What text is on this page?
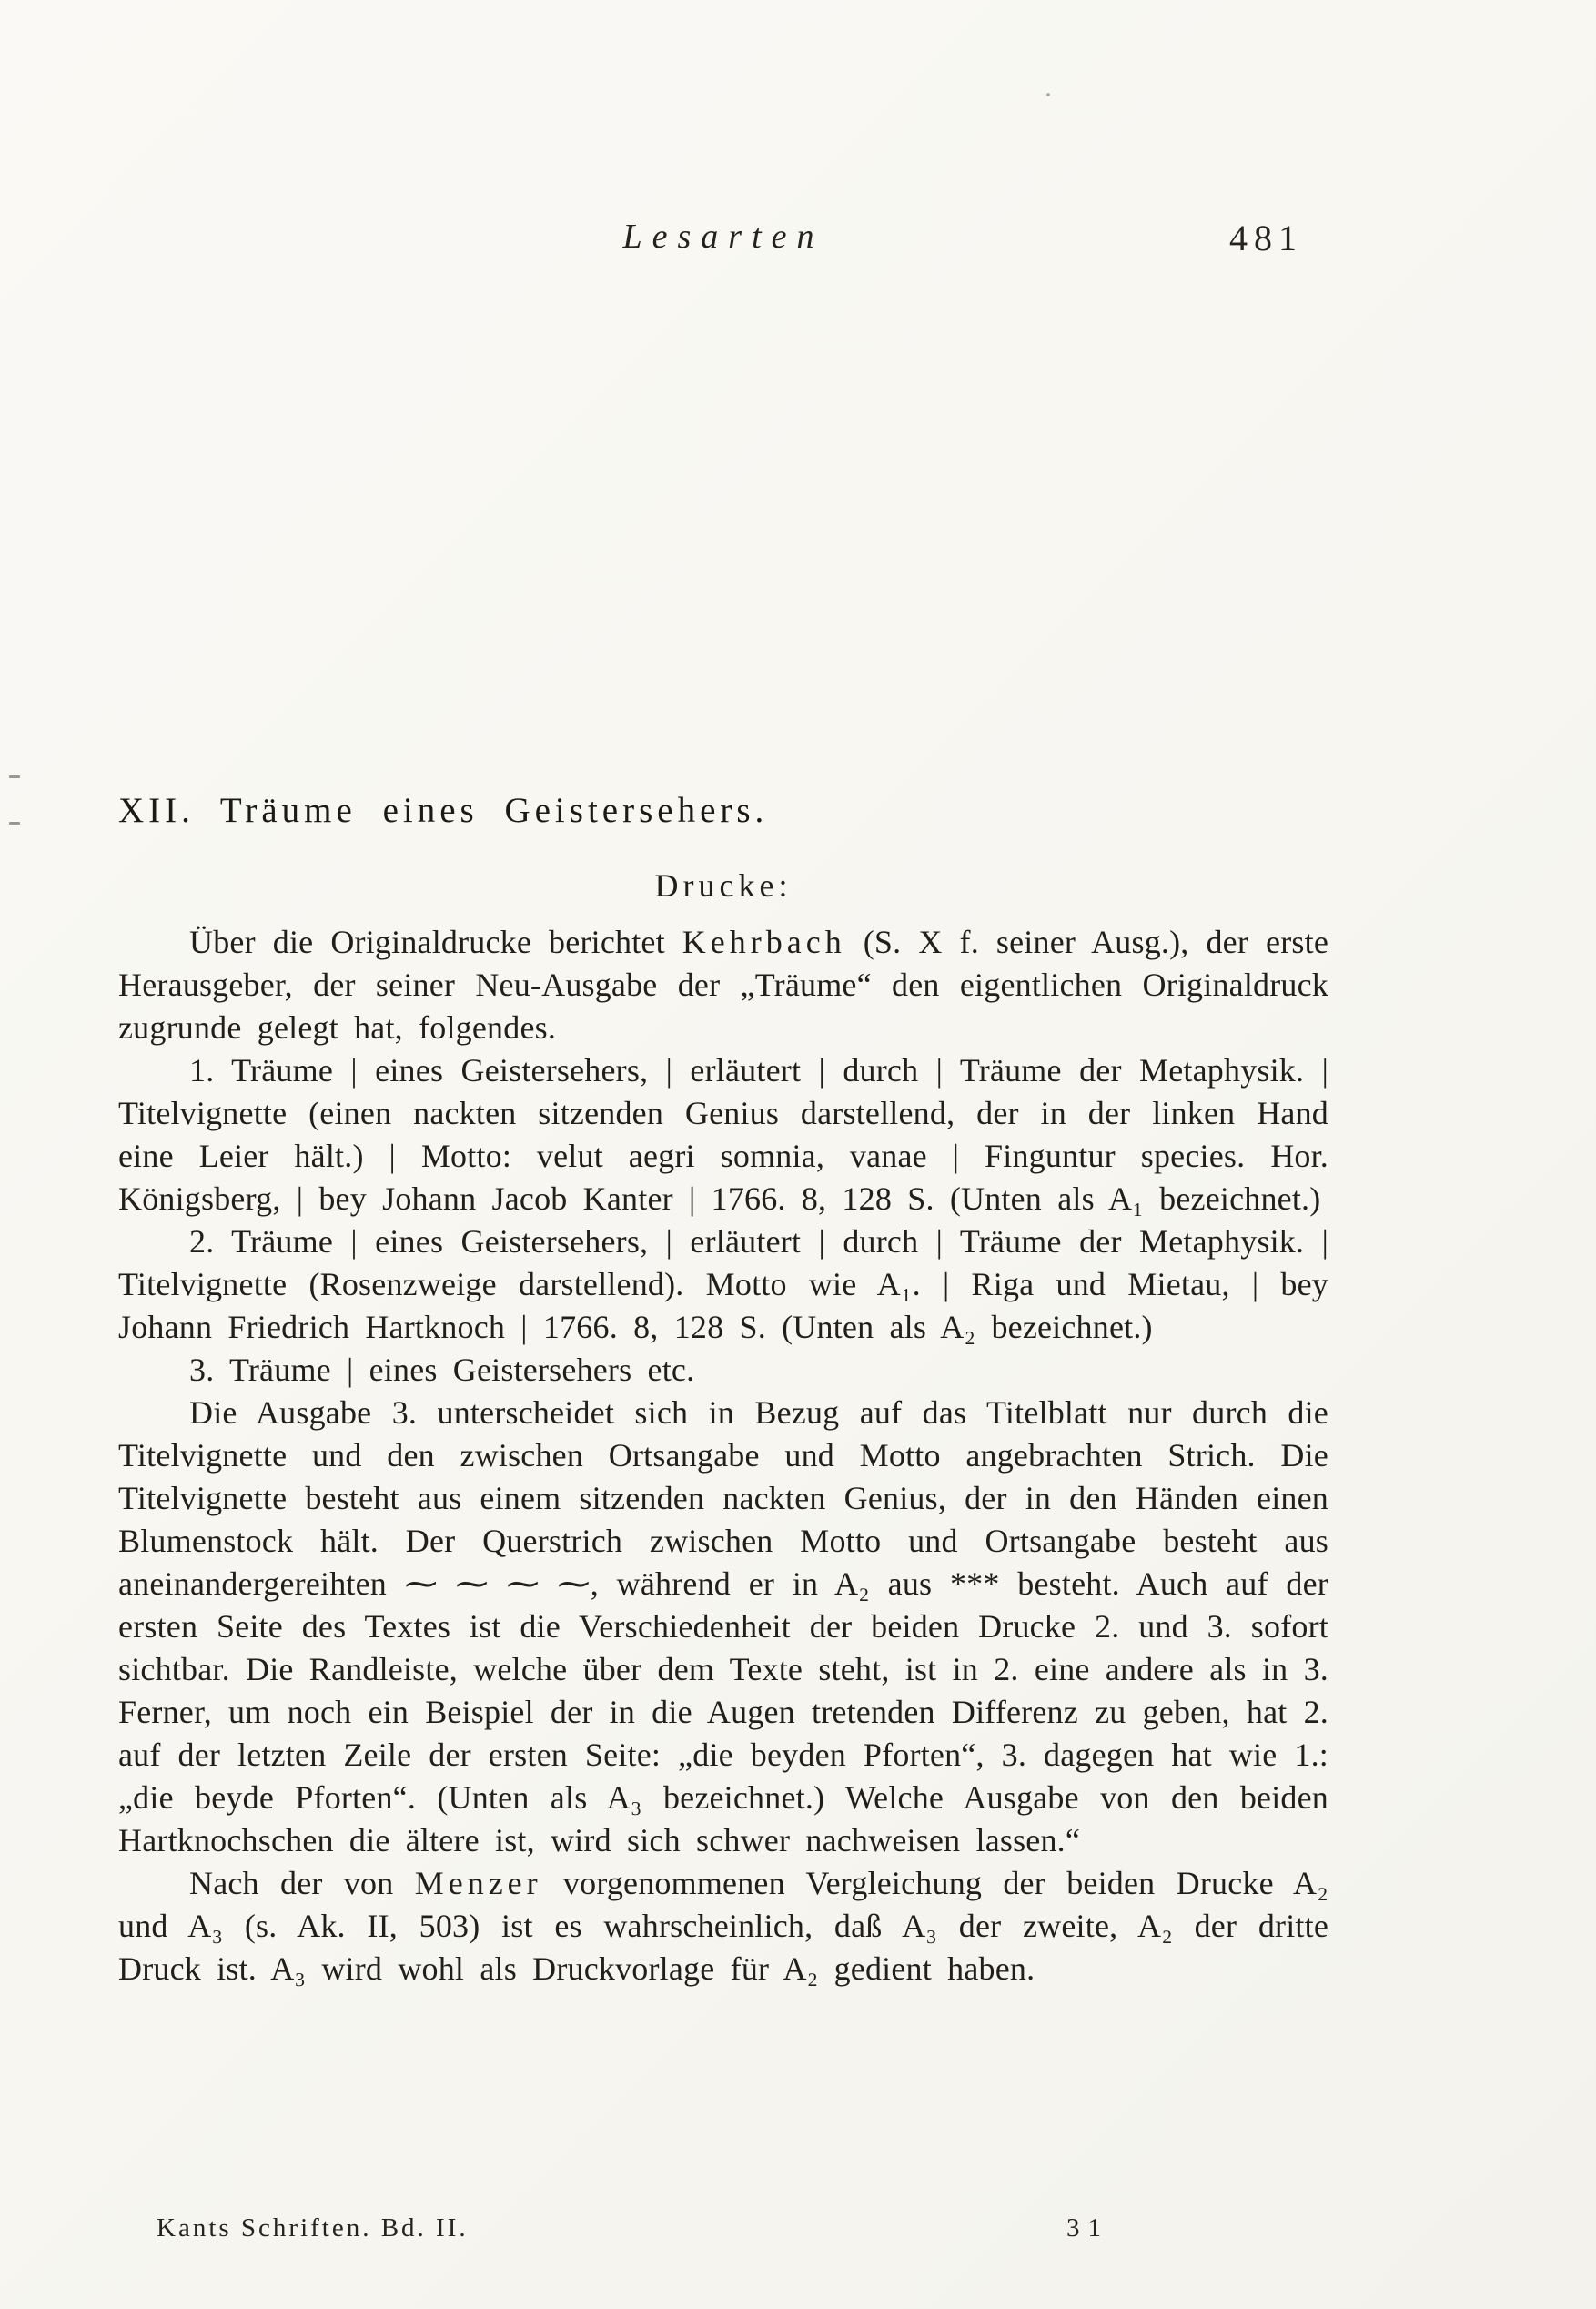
Lesarten	481
XII. Träume eines Geistersehers.
Drucke:

Über die Originaldrucke berichtet Kehrbach (S. X f. seiner Ausg.), der erste Herausgeber, der seiner Neu-Ausgabe der „Träume“ den eigentlichen Originaldruck zugrunde gelegt hat, folgendes.

1. Träume | eines Geistersehers, | erläutert | durch | Träume der Metaphysik. | Titelvignette (einen nackten sitzenden Genius darstellend, der in der linken Hand eine Leier hält.) | Motto: velut aegri somnia, vanae | Finguntur species. Hor. Königsberg, | bey Johann Jacob Kanter | 1766. 8, 128 S. (Unten als A₁ bezeichnet.)

2. Träume | eines Geistersehers, | erläutert | durch | Träume der Metaphysik. | Titelvignette (Rosenzweige darstellend). Motto wie A₁. | Riga und Mietau, | bey Johann Friedrich Hartknoch | 1766. 8, 128 S. (Unten als A₂ bezeichnet.)

3. Träume | eines Geistersehers etc.

Die Ausgabe 3. unterscheidet sich in Bezug auf das Titelblatt nur durch die Titelvignette und den zwischen Ortsangabe und Motto angebrachten Strich. Die Titelvignette besteht aus einem sitzenden nackten Genius, der in den Händen einen Blumenstock hält. Der Querstrich zwischen Motto und Ortsangabe besteht aus aneinandergereihten ⁓ ⁓ ⁓ ⁓, während er in A₂ aus *** besteht. Auch auf der ersten Seite des Textes ist die Verschiedenheit der beiden Drucke 2. und 3. sofort sichtbar. Die Randleiste, welche über dem Texte steht, ist in 2. eine andere als in 3. Ferner, um noch ein Beispiel der in die Augen tretenden Differenz zu geben, hat 2. auf der letzten Zeile der ersten Seite: „die beyden Pforten“, 3. dagegen hat wie 1.: „die beyde Pforten“. (Unten als A₃ bezeichnet.) Welche Ausgabe von den beiden Hartknochschen die ältere ist, wird sich schwer nachweisen lassen.“

Nach der von Menzer vorgenommenen Vergleichung der beiden Drucke A₂ und A₃ (s. Ak. II, 503) ist es wahrscheinlich, daß A₃ der zweite, A₂ der dritte Druck ist. A₃ wird wohl als Druckvorlage für A₂ gedient haben.

Kants Schriften. Bd. II.	31
